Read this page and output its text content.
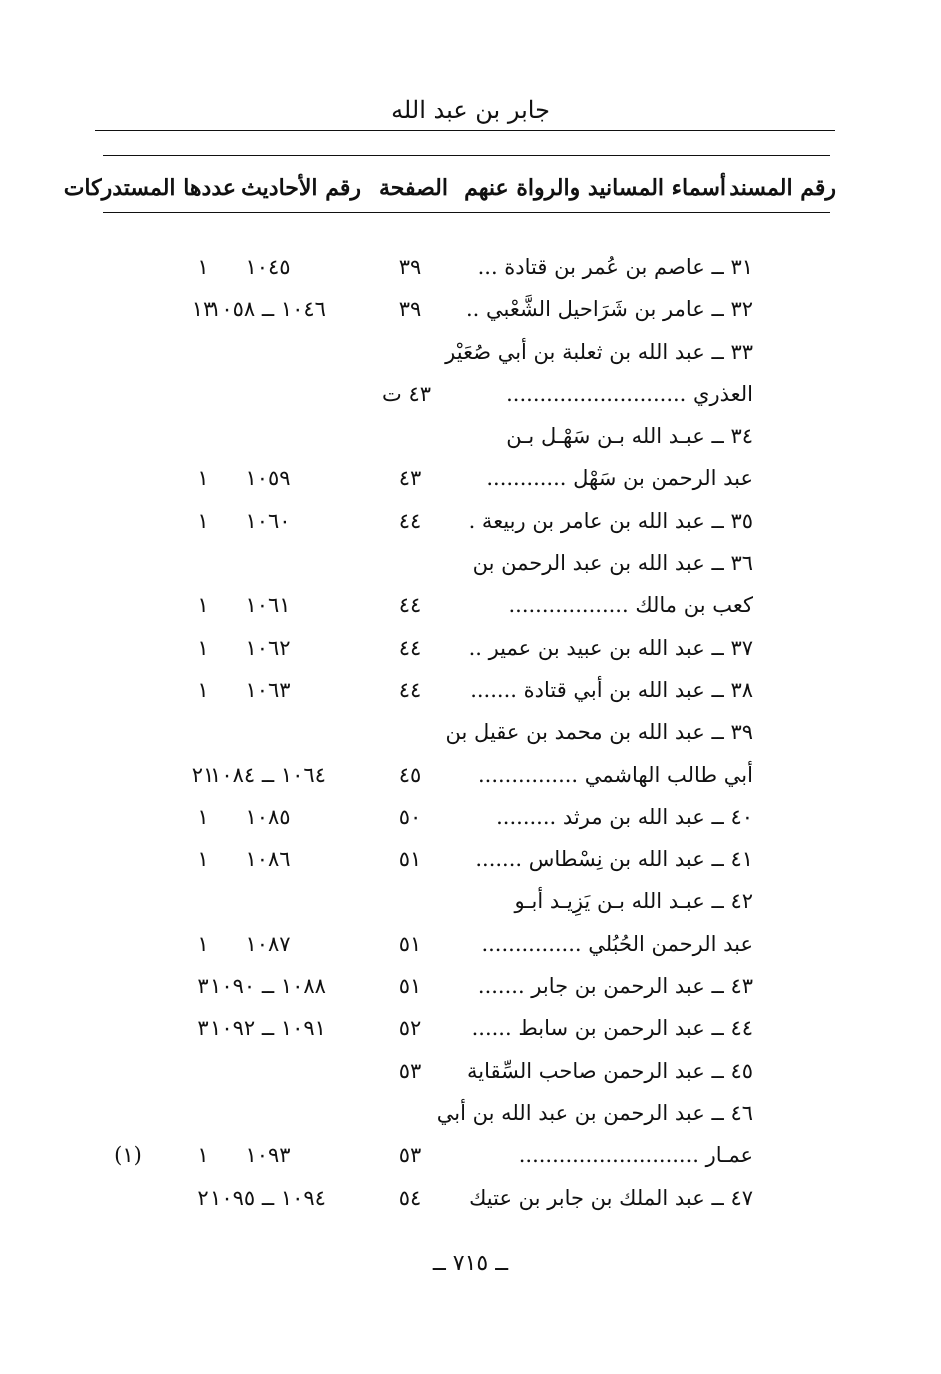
جابر بن عبد الله
رقم المسند
أسماء المسانيد والرواة عنهم
الصفحة
رقم الأحاديث
عددها المستدركات
٣١ ــ عاصم بن عُمر بن قتادة ...
٣٩
١٠٤٥
١
٣٢ ــ عامر بن شَرَاحيل الشَّعْبي ..
٣٩
١٠٤٦ ــ ١٠٥٨
١٣
٣٣ ــ عبد الله بن ثعلبة بن أبي صُعَيْر
العذري ...........................
٤٣ ت
٣٤ ــ عبـد الله بـن سَهْـل بـن
عبد الرحمن بن سَهْل ............
٤٣
١٠٥٩
١
٣٥ ــ عبد الله بن عامر بن ربيعة .
٤٤
١٠٦٠
١
٣٦ ــ عبد الله بن عبد الرحمن بن
كعب بن مالك ..................
٤٤
١٠٦١
١
٣٧ ــ عبد الله بن عبيد بن عمير ..
٤٤
١٠٦٢
١
٣٨ ــ عبد الله بن أبي قتادة .......
٤٤
١٠٦٣
١
٣٩ ــ عبد الله بن محمد بن عقيل بن
أبي طالب الهاشمي ...............
٤٥
١٠٦٤ ــ ١٠٨٤
٢١
٤٠ ــ عبد الله بن مرثد .........
٥٠
١٠٨٥
١
٤١ ــ عبد الله بن نِسْطاس .......
٥١
١٠٨٦
١
٤٢ ــ عبـد الله بـن يَزِيـد أبـو
عبد الرحمن الحُبُلي ...............
٥١
١٠٨٧
١
٤٣ ــ عبد الرحمن بن جابر .......
٥١
١٠٨٨ ــ ١٠٩٠
٣
٤٤ ــ عبد الرحمن بن سابط ......
٥٢
١٠٩١ ــ ١٠٩٢
٣
٤٥ ــ عبد الرحمن صاحب السِّقاية
٥٣
٤٦ ــ عبد الرحمن بن عبد الله بن أبي
عمـار ...........................
٥٣
١٠٩٣
١
(١)
٤٧ ــ عبد الملك بن جابر بن عتيك
٥٤
١٠٩٤ ــ ١٠٩٥
٢
ــ ٧١٥ ــ
